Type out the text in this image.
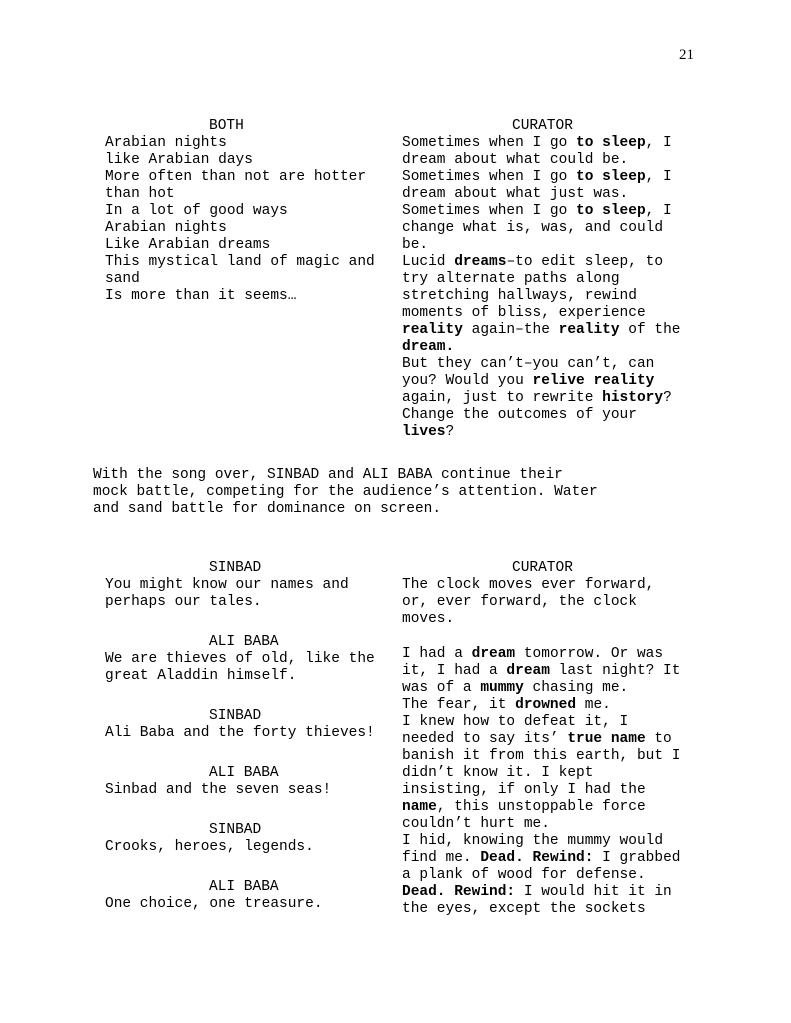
21
BOTH
Arabian nights
like Arabian days
More often than not are hotter
than hot
In a lot of good ways
Arabian nights
Like Arabian dreams
This mystical land of magic and
sand
Is more than it seems…
CURATOR
Sometimes when I go to sleep, I
dream about what could be.
Sometimes when I go to sleep, I
dream about what just was.
Sometimes when I go to sleep, I
change what is, was, and could
be.
Lucid dreams–to edit sleep, to
try alternate paths along
stretching hallways, rewind
moments of bliss, experience
reality again–the reality of the
dream.
But they can’t–you can’t, can
you? Would you relive reality
again, just to rewrite history?
Change the outcomes of your
lives?
With the song over, SINBAD and ALI BABA continue their
mock battle, competing for the audience’s attention. Water
and sand battle for dominance on screen.
SINBAD
You might know our names and
perhaps our tales.
ALI BABA
We are thieves of old, like the
great Aladdin himself.
SINBAD
Ali Baba and the forty thieves!
ALI BABA
Sinbad and the seven seas!
SINBAD
Crooks, heroes, legends.
ALI BABA
One choice, one treasure.
CURATOR
The clock moves ever forward,
or, ever forward, the clock
moves.
I had a dream tomorrow. Or was
it, I had a dream last night? It
was of a mummy chasing me.
The fear, it drowned me.
I knew how to defeat it, I
needed to say its’ true name to
banish it from this earth, but I
didn’t know it. I kept
insisting, if only I had the
name, this unstoppable force
couldn’t hurt me.
I hid, knowing the mummy would
find me. Dead. Rewind: I grabbed
a plank of wood for defense.
Dead. Rewind: I would hit it in
the eyes, except the sockets
